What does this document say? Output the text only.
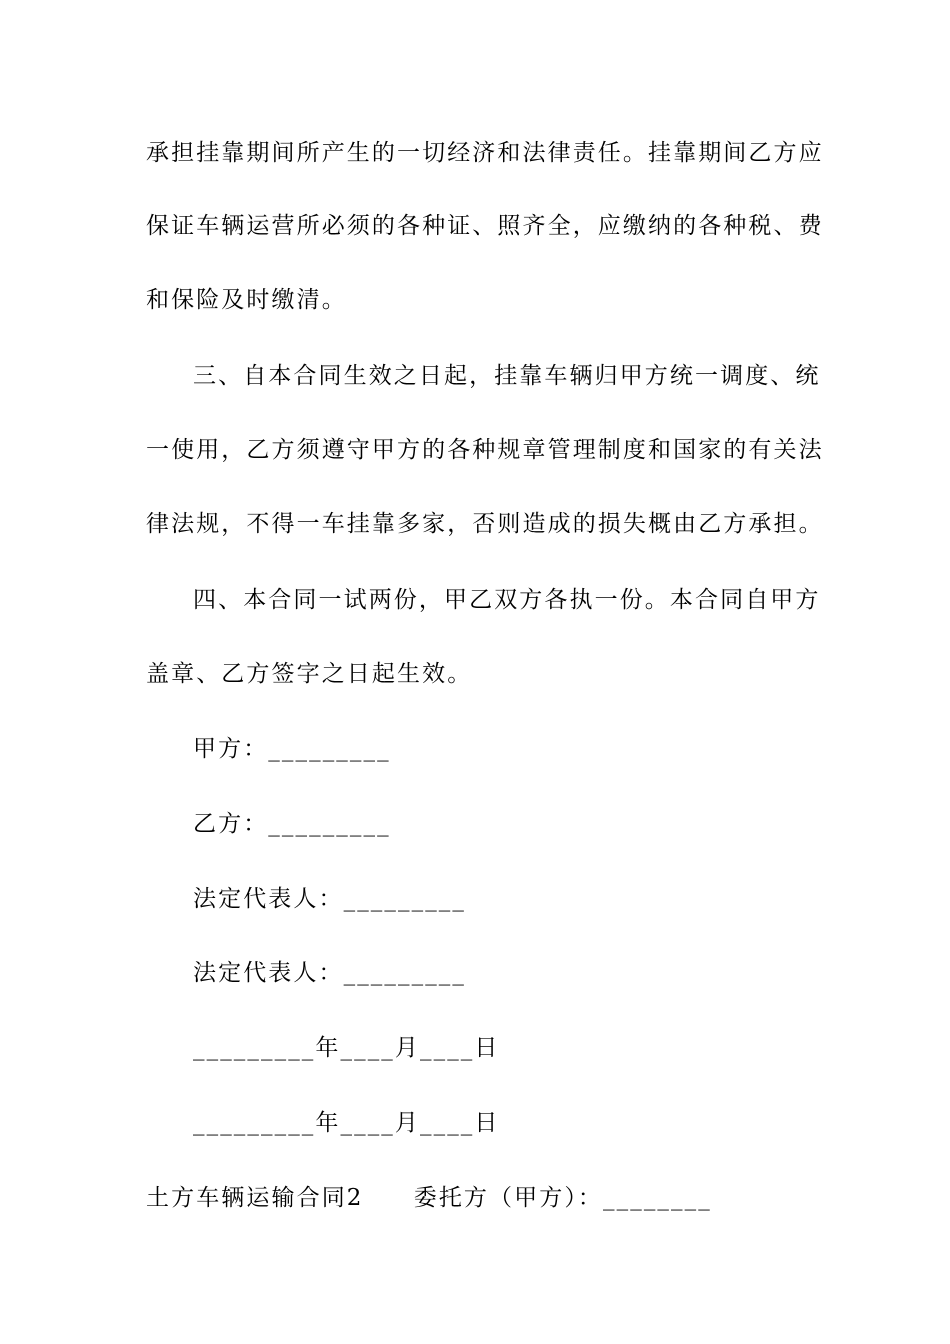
承担挂靠期间所产生的一切经济和法律责任。挂靠期间乙方应
保证车辆运营所必须的各种证、照齐全，应缴纳的各种税、费
和保险及时缴清。
三、自本合同生效之日起，挂靠车辆归甲方统一调度、统
一使用，乙方须遵守甲方的各种规章管理制度和国家的有关法
律法规，不得一车挂靠多家，否则造成的损失概由乙方承担。
四、本合同一试两份，甲乙双方各执一份。本合同自甲方
盖章、乙方签字之日起生效。
甲方：_________
乙方：_________
法定代表人：_________
法定代表人：_________
_________年____月____日
_________年____月____日
土方车辆运输合同2　　委托方（甲方）：________
